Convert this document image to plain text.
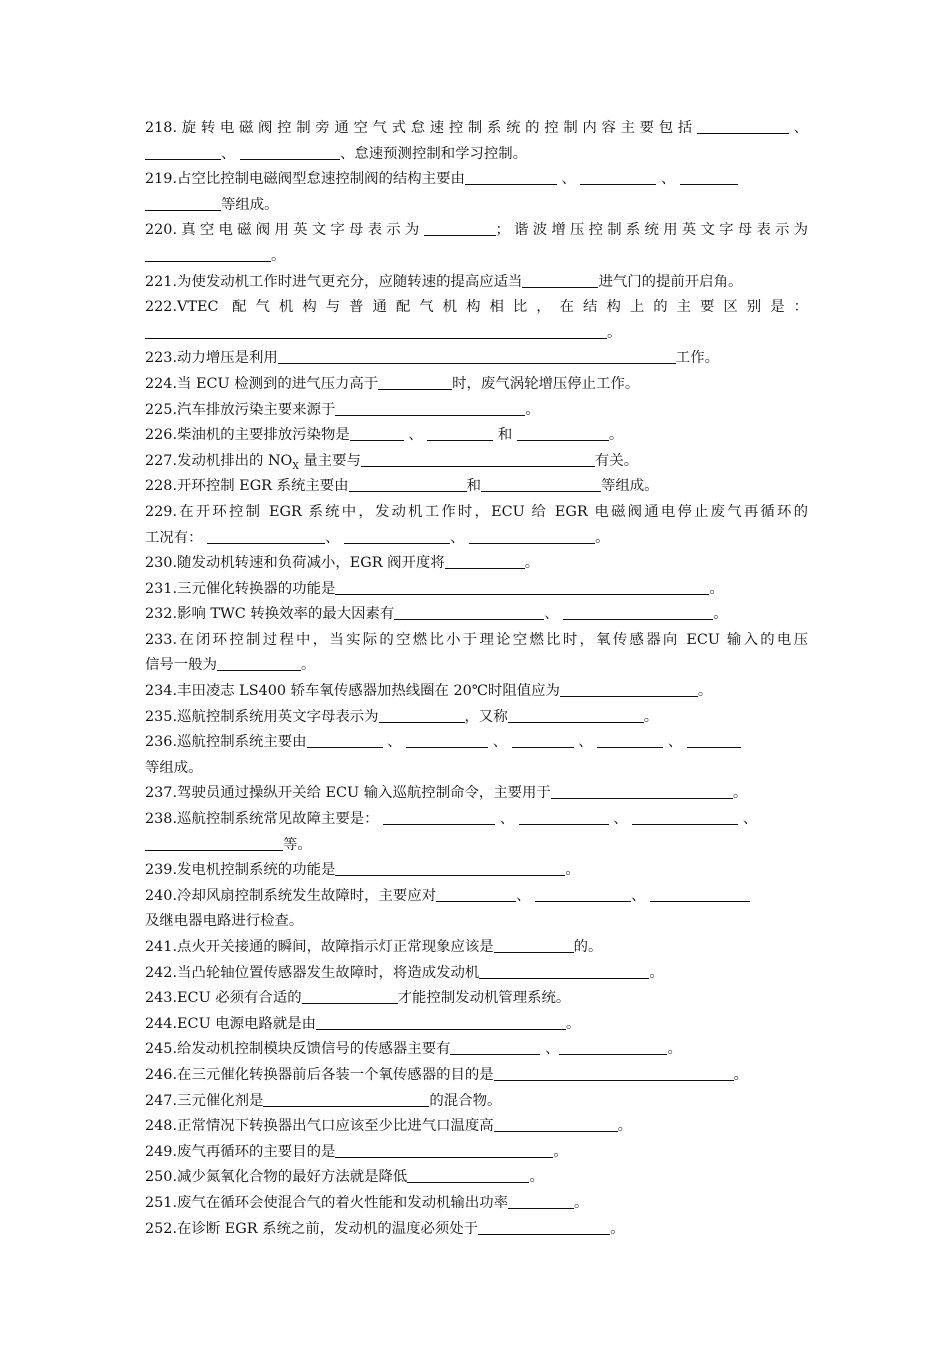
218.旋转电磁阀控制旁通空气式怠速控制系统的控制内容主要包括	、
、	、怠速预测控制和学习控制。
219.占空比控制电磁阀型怠速控制阀的结构主要由	、	、
等组成。
220.真空电磁阀用英文字母表示为	；谐波增压控制系统用英文字母表示为
。
221.为使发动机工作时进气更充分，应随转速的提高应适当	进气门的提前开启角。
222.VTEC 配气机构与普通配气机构相比，在结构上的主要区别是：
。
223.动力增压是利用	工作。
224.当 ECU 检测到的进气压力高于	时，废气涡轮增压停止工作。
225.汽车排放污染主要来源于	。
226.柴油机的主要排放污染物是	、	和	。
227.发动机排出的 $NO_X$ 量主要与	有关。
228.开环控制 EGR 系统主要由	和	等组成。
229.在开环控制 EGR 系统中，发动机工作时，ECU 给 EGR 电磁阀通电停止废气再循环的
工况有：	、	、	。
230.随发动机转速和负荷减小，EGR 阀开度将	。
231.三元催化转换器的功能是	。
232.影响 TWC 转换效率的最大因素有	、	。
233.在闭环控制过程中，当实际的空燃比小于理论空燃比时，氧传感器向 ECU 输入的电压
信号一般为	。
234.丰田凌志 LS400 轿车氧传感器加热线圈在 20℃时阻值应为	。
235.巡航控制系统用英文字母表示为	，又称	。
236.巡航控制系统主要由	、	、	、	、
等组成。
237.驾驶员通过操纵开关给 ECU 输入巡航控制命令，主要用于	。
238.巡航控制系统常见故障主要是：	、	、	、
等。
239.发电机控制系统的功能是	。
240.冷却风扇控制系统发生故障时，主要应对	、	、
及继电器电路进行检查。
241.点火开关接通的瞬间，故障指示灯正常现象应该是	的。
242.当凸轮轴位置传感器发生故障时，将造成发动机	。
243.ECU 必须有合适的	才能控制发动机管理系统。
244.ECU 电源电路就是由	。
245.给发动机控制模块反馈信号的传感器主要有	、	。
246.在三元催化转换器前后各装一个氧传感器的目的是	。
247.三元催化剂是	的混合物。
248.正常情况下转换器出气口应该至少比进气口温度高	。
249.废气再循环的主要目的是	。
250.减少氮氧化合物的最好方法就是降低	。
251.废气在循环会使混合气的着火性能和发动机输出功率	。
252.在诊断 EGR 系统之前，发动机的温度必须处于	。
